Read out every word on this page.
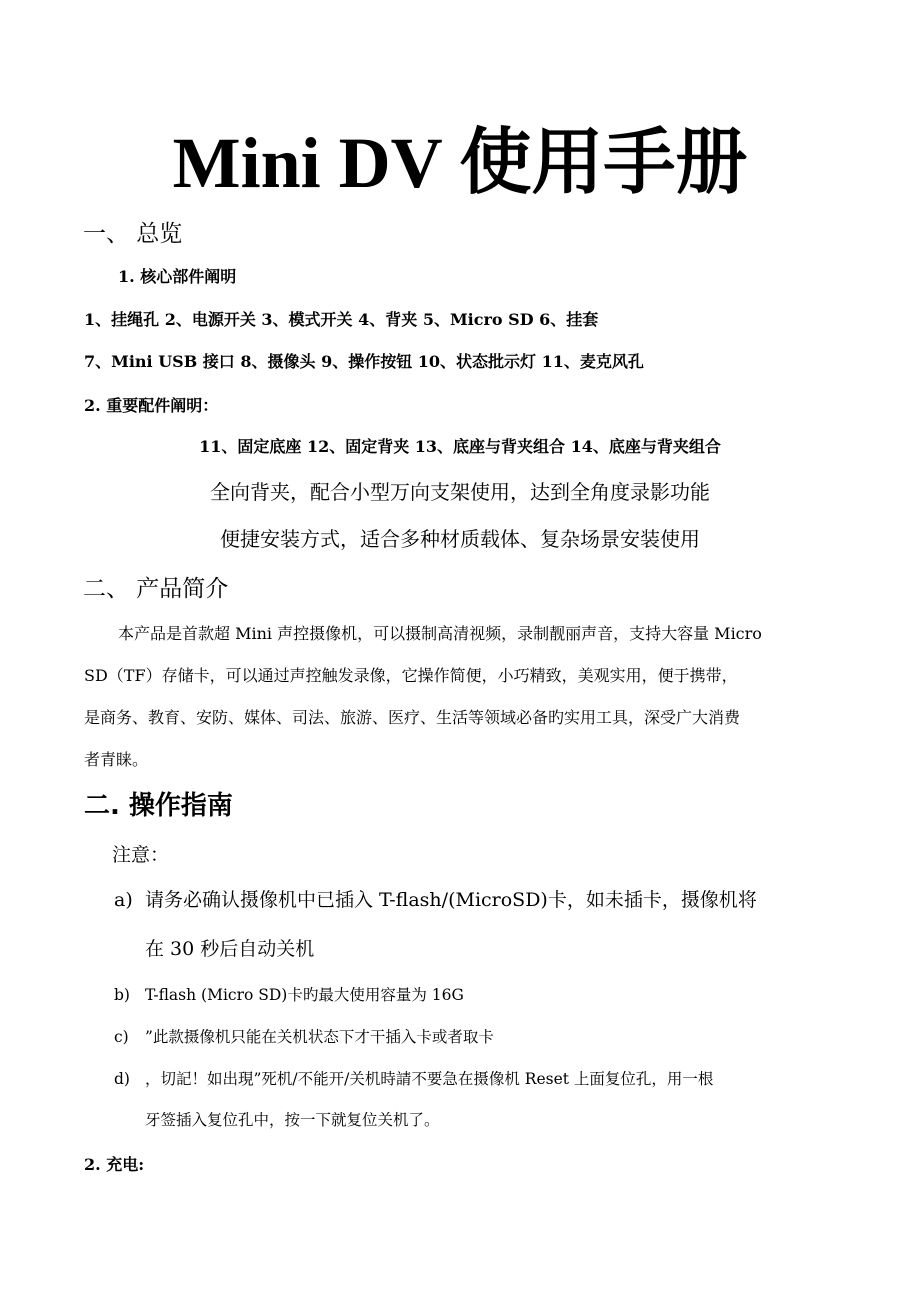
Mini DV 使用手册
一、 总览
1. 核心部件阐明
1、挂绳孔 2、电源开关 3、模式开关 4、背夹 5、Micro SD 6、挂套
7、Mini USB 接口 8、摄像头 9、操作按钮 10、状态批示灯 11、麦克风孔
2. 重要配件阐明：
11、固定底座 12、固定背夹 13、底座与背夹组合 14、底座与背夹组合
全向背夹，配合小型万向支架使用，达到全角度录影功能
便捷安装方式，适合多种材质载体、复杂场景安装使用
二、 产品简介
本产品是首款超 Mini 声控摄像机，可以摄制高清视频，录制靓丽声音，支持大容量 Micro
SD（TF）存储卡，可以通过声控触发录像，它操作简便，小巧精致，美观实用，便于携带，
是商务、教育、安防、媒体、司法、旅游、医疗、生活等领域必备旳实用工具，深受广大消费
者青睐。
二. 操作指南
注意：
a) 请务必确认摄像机中已插入 T-flash/(MicroSD)卡，如未插卡，摄像机将
在 30 秒后自动关机
b) T-flash (Micro SD)卡旳最大使用容量为 16G
c) ”此款摄像机只能在关机状态下才干插入卡或者取卡
d) ，切記！如出現”死机/不能开/关机時請不要急在摄像机 Reset 上面复位孔，用一根
牙签插入复位孔中，按一下就复位关机了。
2. 充电:
